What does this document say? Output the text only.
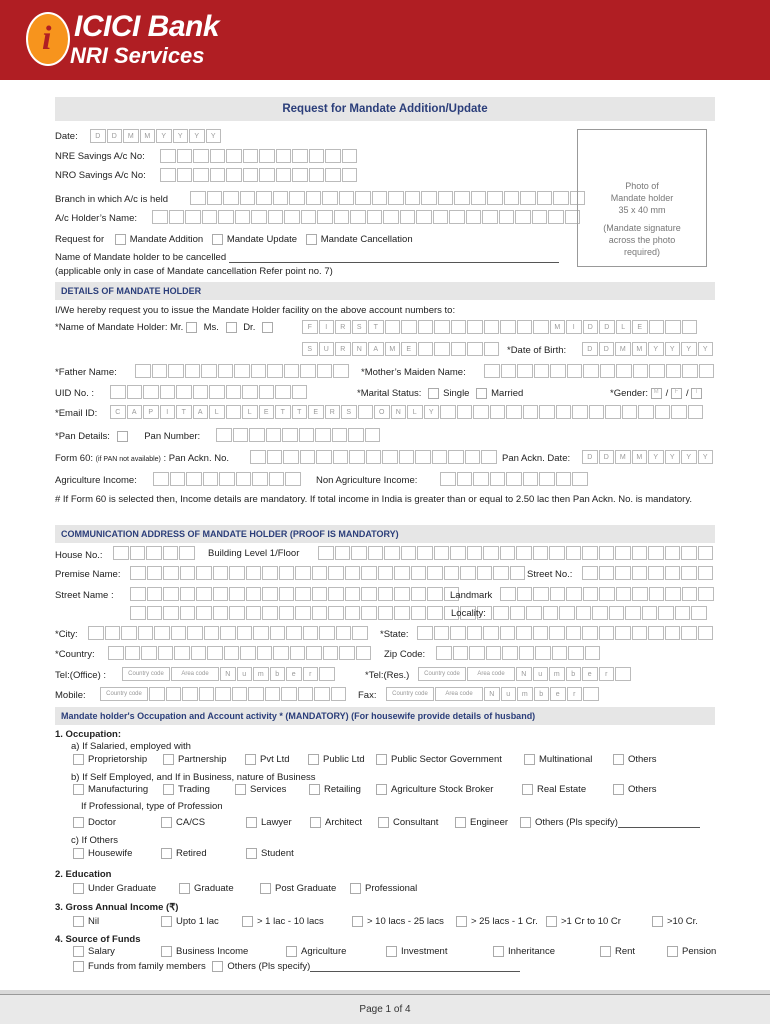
i ICICI Bank
NRI Services
Request for Mandate Addition/Update
Date:	D	D	M	M	Y	Y	Y	Y
NRE Savings A/c No:
NRO Savings A/c No:
Branch in which A/c is held
A/c Holder’s Name:
Request for	Mandate Addition Mandate Update Mandate Cancellation
Name of Mandate holder to be cancelled
(applicable only in case of Mandate cancellation Refer point no. 7)
Photo of
Mandate holder
35 x 40 mm
(Mandate signature
across the photo
required)
DETAILS OF MANDATE HOLDER
I/We hereby request you to issue the Mandate Holder facility on the above account numbers to:
*Name of Mandate Holder: Mr. Ms.	Dr.	F	I	R	S	T	M	I	D	D	L	E
S	U	R	N	A	M	E	*Date of Birth:	D	D	M	M	Y	Y	Y	Y
*Father Name:	*Mother’s Maiden Name:
UID No. :	*Marital Status: Single Married	*Gender: M / F / T
*Email ID:	C	A	P	I	T	A	L	L	E	T	T	E	R	S	O	N	L	Y
*Pan Details:	Pan Number:
Form 60: (if PAN not available) : Pan Ackn. No.	Pan Ackn. Date:	D	D	M	M	Y	Y	Y	Y
Agriculture Income:	Non Agriculture Income:
# If Form 60 is selected then, Income details are mandatory. If total income in India is greater than or equal to 2.50 lac then Pan Ackn. No. is mandatory.
COMMUNICATION ADDRESS OF MANDATE HOLDER (PROOF IS MANDATORY)
House No.:	Building Level 1/Floor
Premise Name:	Street No.:
Street Name :	Landmark
Locality:
*City:	*State:
*Country:	Zip Code:
Tel:(Office) :	Country code	Area code	N	u	m	b	e	r	*Tel:(Res.)	Country code	Area code	N	u	m	b	e	r
Mobile:	Country code	Fax:	Country code	Area code	N	u	m	b	e	r
Mandate holder's Occupation and Account activity * (MANDATORY) (For housewife provide details of husband)
1. Occupation:
a) If Salaried, employed with
Proprietorship	Partnership	Pvt Ltd	Public Ltd	Public Sector Government	Multinational	Others
b) If Self Employed, and If in Business, nature of Business
Manufacturing	Trading	Services	Retailing	Agriculture Stock Broker	Real Estate	Others
If Professional, type of Profession
Doctor	CA/CS	Lawyer	Architect	Consultant	Engineer	Others (Pls specify)
c) If Others
Housewife	Retired	Student
2. Education
Under Graduate	Graduate	Post Graduate	Professional
3. Gross Annual Income (₹)
Nil	Upto 1 lac	> 1 lac - 10 lacs	> 10 lacs - 25 lacs	> 25 lacs - 1 Cr.	>1 Cr to 10 Cr	>10 Cr.
4. Source of Funds
Salary	Business Income	Agriculture	Investment	Inheritance	Rent	Pension
Funds from family members Others (Pls specify)
Page 1 of 4
